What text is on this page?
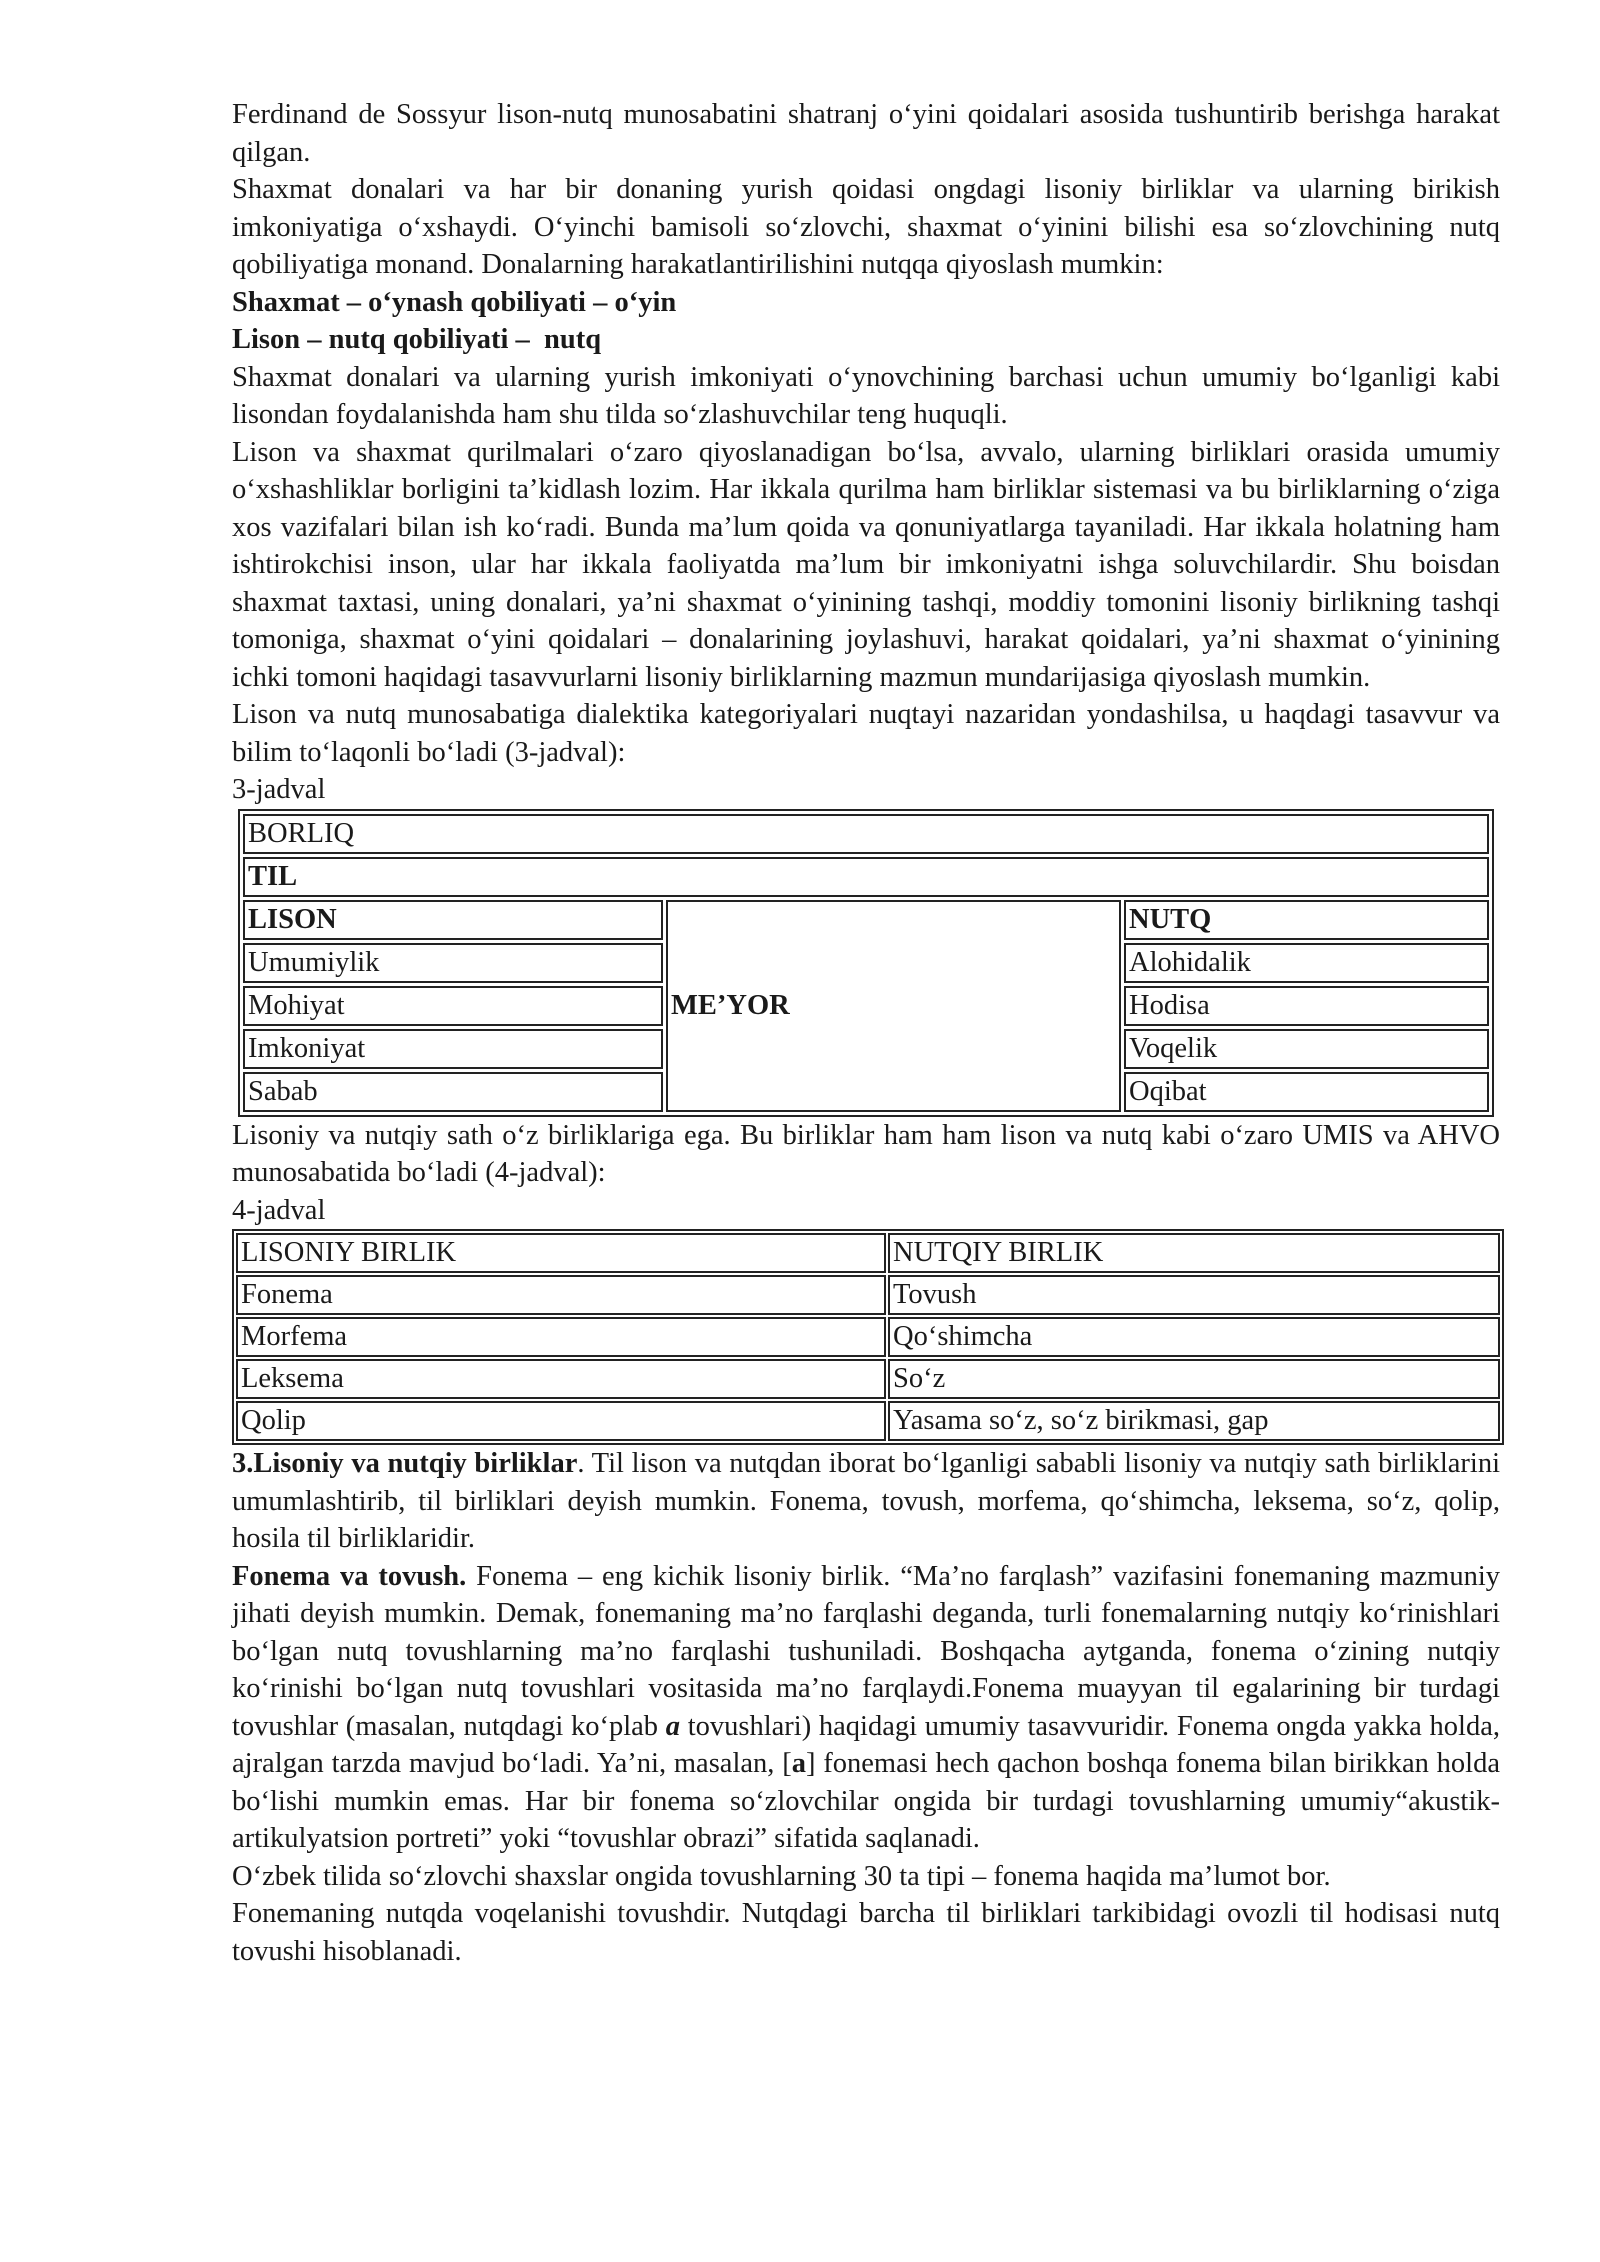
Ferdinand de Sossyur lison-nutq munosabatini shatranj o‘yini qoidalari asosida tushuntirib berishga harakat qilgan.

Shaxmat donalari va har bir donaning yurish qoidasi ongdagi lisoniy birliklar va ularning birikish imkoniyatiga o‘xshaydi. O‘yinchi bamisoli so‘zlovchi, shaxmat o‘yinini bilishi esa so‘zlovchining nutq qobiliyatiga monand. Donalarning harakatlantirilishini nutqqa qiyoslash mumkin:

Shaxmat – o‘ynash qobiliyati – o‘yin

Lison – nutq qobiliyati –  nutq

Shaxmat donalari va ularning yurish imkoniyati o‘ynovchining barchasi uchun umumiy bo‘lganligi kabi lisondan foydalanishda ham shu tilda so‘zlashuvchilar teng huquqli.

Lison va shaxmat qurilmalari o‘zaro qiyoslanadigan bo‘lsa, avvalo, ularning birliklari orasida umumiy o‘xshashliklar borligini ta’kidlash lozim. Har ikkala qurilma ham birliklar sistemasi va bu birliklarning o‘ziga xos vazifalari bilan ish ko‘radi. Bunda ma’lum qoida va qonuniyatlarga tayaniladi. Har ikkala holatning ham ishtirokchisi inson, ular har ikkala faoliyatda ma’lum bir imkoniyatni ishga soluvchilardir. Shu boisdan shaxmat taxtasi, uning donalari, ya’ni shaxmat o‘yinining tashqi, moddiy tomonini lisoniy birlikning tashqi tomoniga, shaxmat o‘yini qoidalari – donalarining joylashuvi, harakat qoidalari, ya’ni shaxmat o‘yinining ichki tomoni haqidagi tasavvurlarni lisoniy birliklarning mazmun mundarijasiga qiyoslash mumkin.

Lison va nutq munosabatiga dialektika kategoriyalari nuqtayi nazaridan yondashilsa, u haqdagi tasavvur va bilim to‘laqonli bo‘ladi (3-jadval):

3-jadval

BORLIQ		
TIL		
LISON	ME’YOR	NUTQ
Umumiylik		Alohidalik
Mohiyat		Hodisa
Imkoniyat		Voqelik
Sabab		Oqibat

Lisoniy va nutqiy sath o‘z birliklariga ega. Bu birliklar ham ham lison va nutq kabi o‘zaro UMIS va AHVO munosabatida bo‘ladi (4-jadval):

4-jadval

LISONIY BIRLIK	NUTQIY BIRLIK
Fonema	Tovush
Morfema	Qo‘shimcha
Leksema	So‘z
Qolip	Yasama so‘z, so‘z birikmasi, gap

3.Lisoniy va nutqiy birliklar. Til lison va nutqdan iborat bo‘lganligi sababli lisoniy va nutqiy sath birliklarini umumlashtirib, til birliklari deyish mumkin. Fonema, tovush, morfema, qo‘shimcha, leksema, so‘z, qolip, hosila til birliklaridir.

Fonema va tovush. Fonema – eng kichik lisoniy birlik. “Ma’no farqlash” vazifasini fonemaning mazmuniy jihati deyish mumkin. Demak, fonemaning ma’no farqlashi deganda, turli fonemalarning nutqiy ko‘rinishlari bo‘lgan nutq tovushlarning ma’no farqlashi tushuniladi. Boshqacha aytganda, fonema o‘zining nutqiy ko‘rinishi bo‘lgan nutq tovushlari vositasida ma’no farqlaydi.Fonema muayyan til egalarining bir turdagi tovushlar (masalan, nutqdagi ko‘plab a tovushlari) haqidagi umumiy tasavvuridir. Fonema ongda yakka holda, ajralgan tarzda mavjud bo‘ladi. Ya’ni, masalan, [a] fonemasi hech qachon boshqa fonema bilan birikkan holda bo‘lishi mumkin emas. Har bir fonema so‘zlovchilar ongida bir turdagi tovushlarning umumiy“akustik-artikulyatsion portreti” yoki “tovushlar obrazi” sifatida saqlanadi.

O‘zbek tilida so‘zlovchi shaxslar ongida tovushlarning 30 ta tipi – fonema haqida ma’lumot bor.

Fonemaning nutqda voqelanishi tovushdir. Nutqdagi barcha til birliklari tarkibidagi ovozli til hodisasi nutq tovushi hisoblanadi.
